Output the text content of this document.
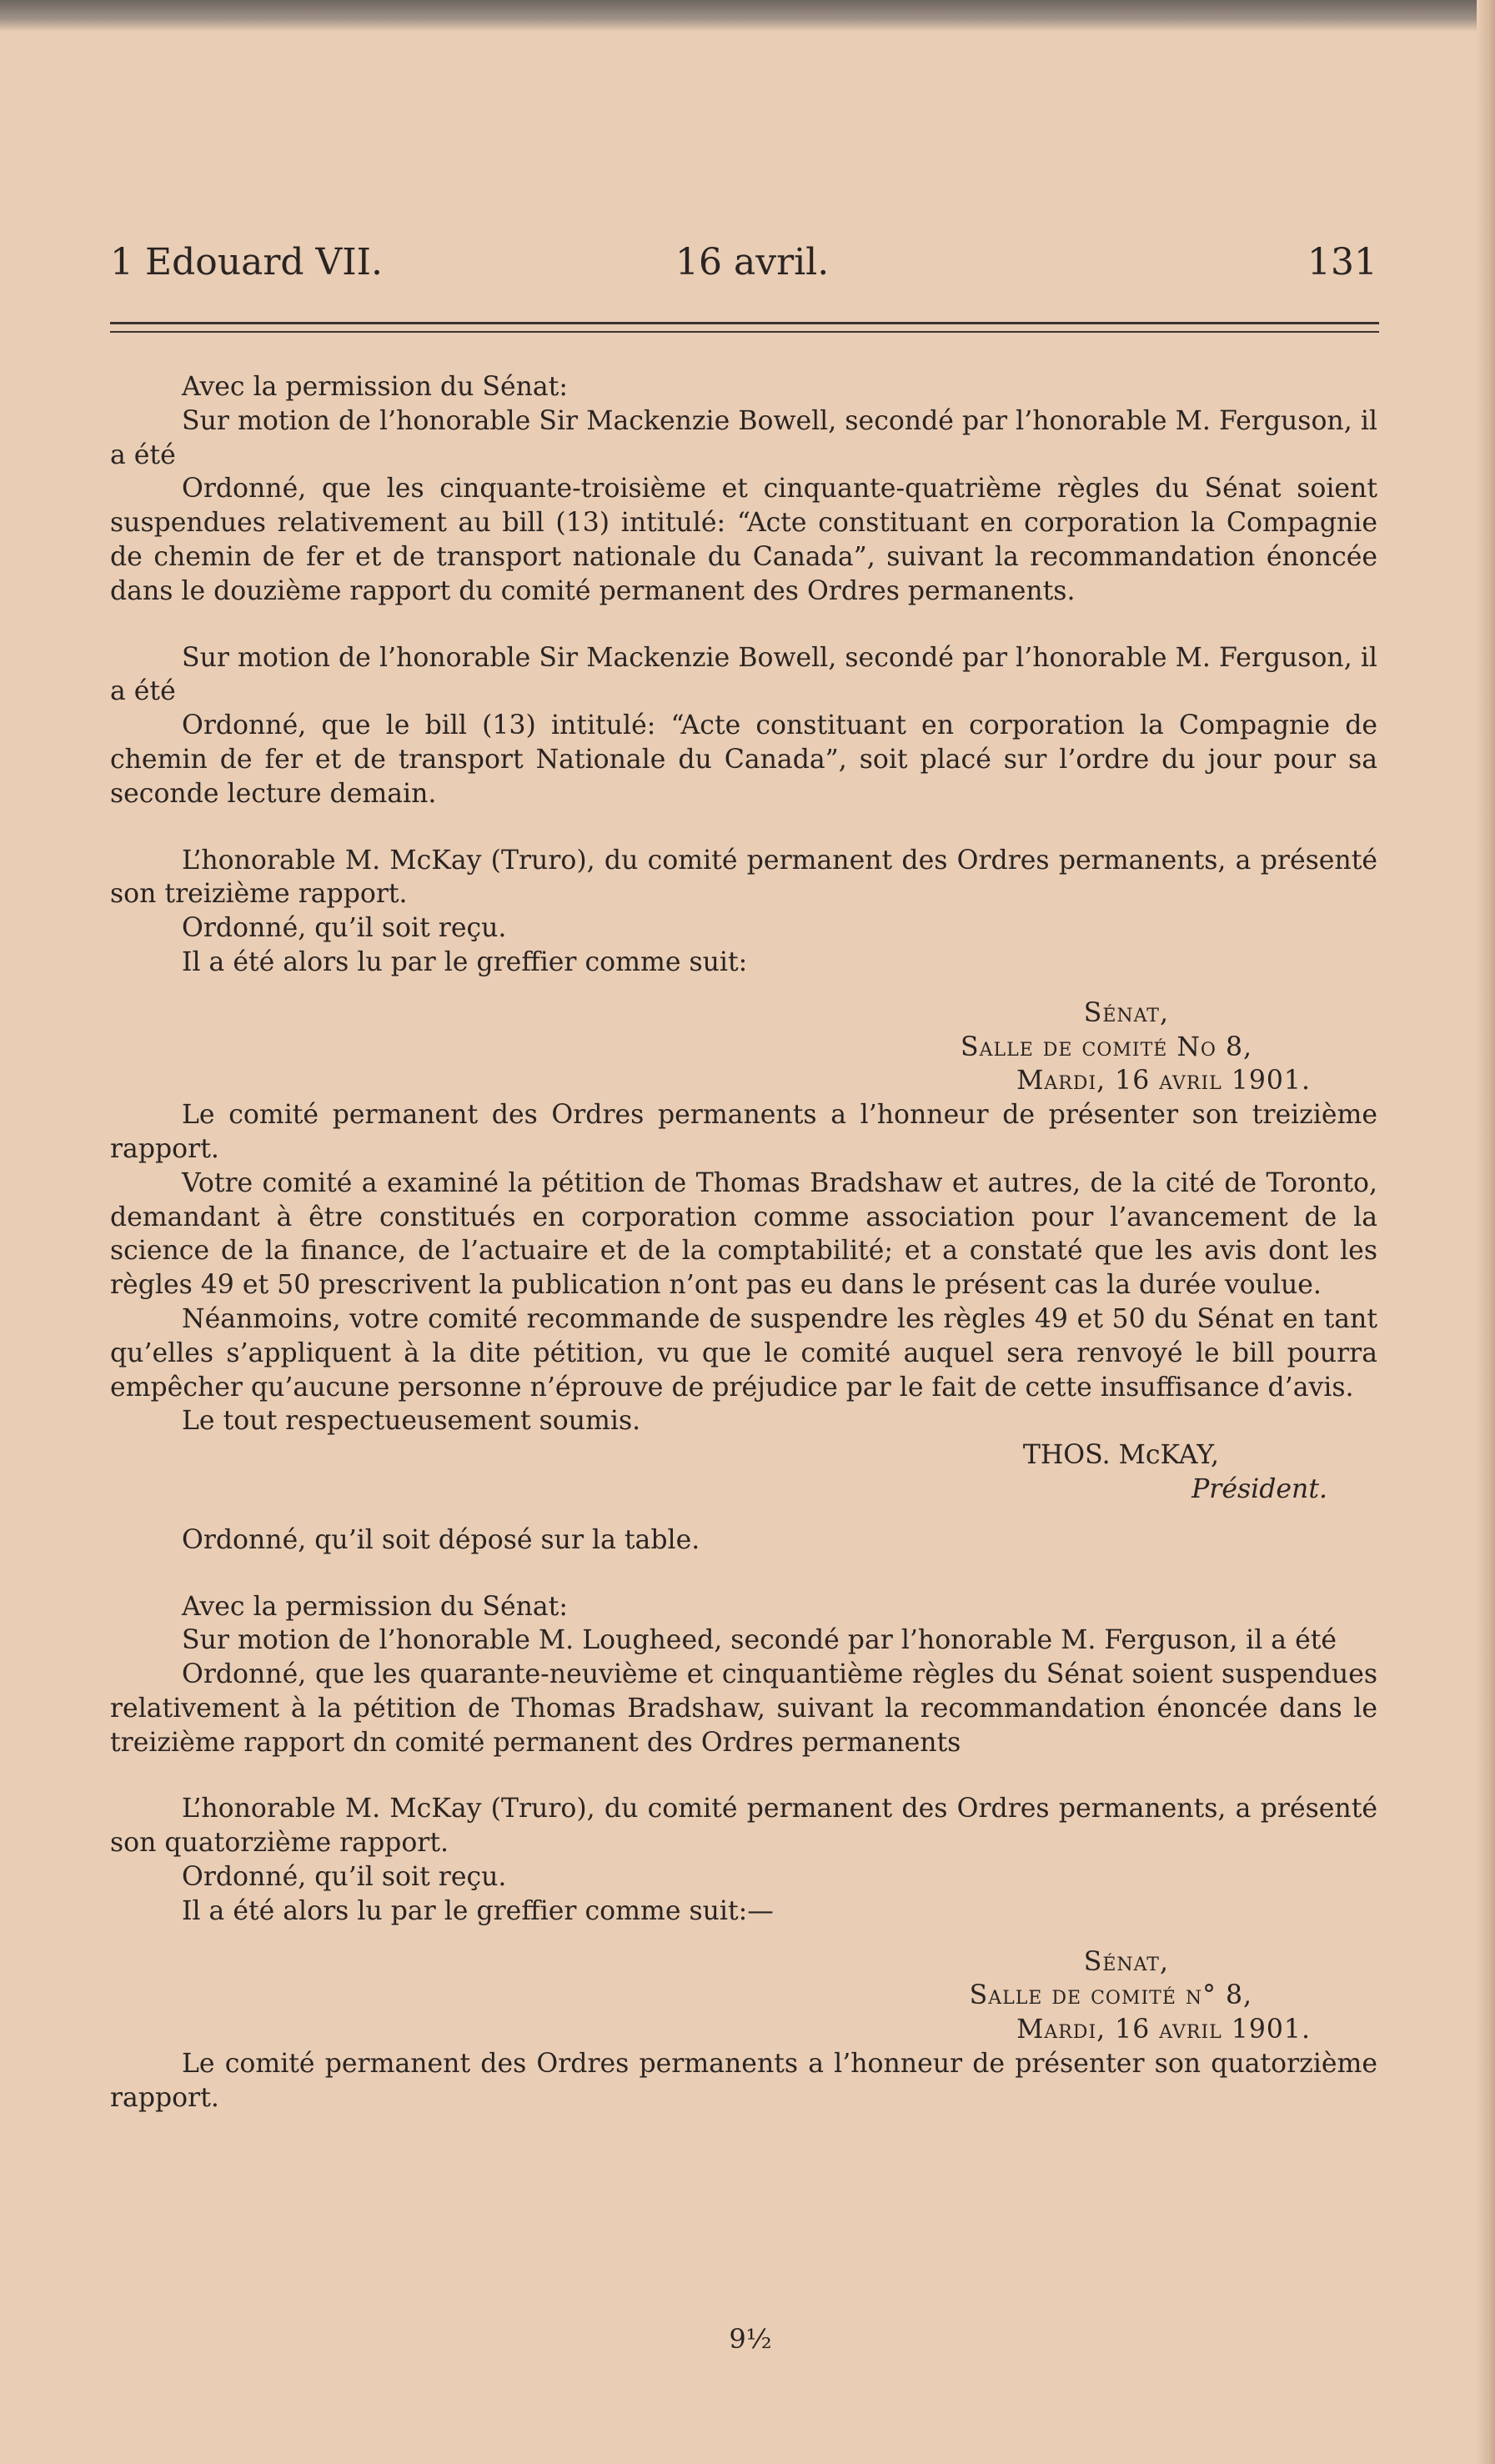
1 Edouard VII.	16 avril.	131

Avec la permission du Sénat:

Sur motion de l’honorable Sir Mackenzie Bowell, secondé par l’honorable M. Ferguson, il a été

Ordonné, que les cinquante-troisième et cinquante-quatrième règles du Sénat soient suspendues relativement au bill (13) intitulé: “Acte constituant en corporation la Compagnie de chemin de fer et de transport nationale du Canada”, suivant la recommandation énoncée dans le douzième rapport du comité permanent des Ordres permanents.

Sur motion de l’honorable Sir Mackenzie Bowell, secondé par l’honorable M. Ferguson, il a été

Ordonné, que le bill (13) intitulé: “Acte constituant en corporation la Compagnie de chemin de fer et de transport Nationale du Canada”, soit placé sur l’ordre du jour pour sa seconde lecture demain.

L’honorable M. McKay (Truro), du comité permanent des Ordres permanents, a présenté son treizième rapport.

Ordonné, qu’il soit reçu.

Il a été alors lu par le greffier comme suit:

Sénat,

Salle de comité No 8,

Mardi, 16 avril 1901.

Le comité permanent des Ordres permanents a l’honneur de présenter son treizième rapport.

Votre comité a examiné la pétition de Thomas Bradshaw et autres, de la cité de Toronto, demandant à être constitués en corporation comme association pour l’avancement de la science de la finance, de l’actuaire et de la comptabilité; et a constaté que les avis dont les règles 49 et 50 prescrivent la publication n’ont pas eu dans le présent cas la durée voulue.

Néanmoins, votre comité recommande de suspendre les règles 49 et 50 du Sénat en tant qu’elles s’appliquent à la dite pétition, vu que le comité auquel sera renvoyé le bill pourra empêcher qu’aucune personne n’éprouve de préjudice par le fait de cette insuffisance d’avis.

Le tout respectueusement soumis.

THOS. McKAY,

Président.

Ordonné, qu’il soit déposé sur la table.

Avec la permission du Sénat:

Sur motion de l’honorable M. Lougheed, secondé par l’honorable M. Ferguson, il a été

Ordonné, que les quarante-neuvième et cinquantième règles du Sénat soient suspendues relativement à la pétition de Thomas Bradshaw, suivant la recommandation énoncée dans le treizième rapport dn comité permanent des Ordres permanents

L’honorable M. McKay (Truro), du comité permanent des Ordres permanents, a présenté son quatorzième rapport.

Ordonné, qu’il soit reçu.

Il a été alors lu par le greffier comme suit:—

Sénat,

Salle de comité n° 8,

Mardi, 16 avril 1901.

Le comité permanent des Ordres permanents a l’honneur de présenter son quatorzième rapport.

9½
